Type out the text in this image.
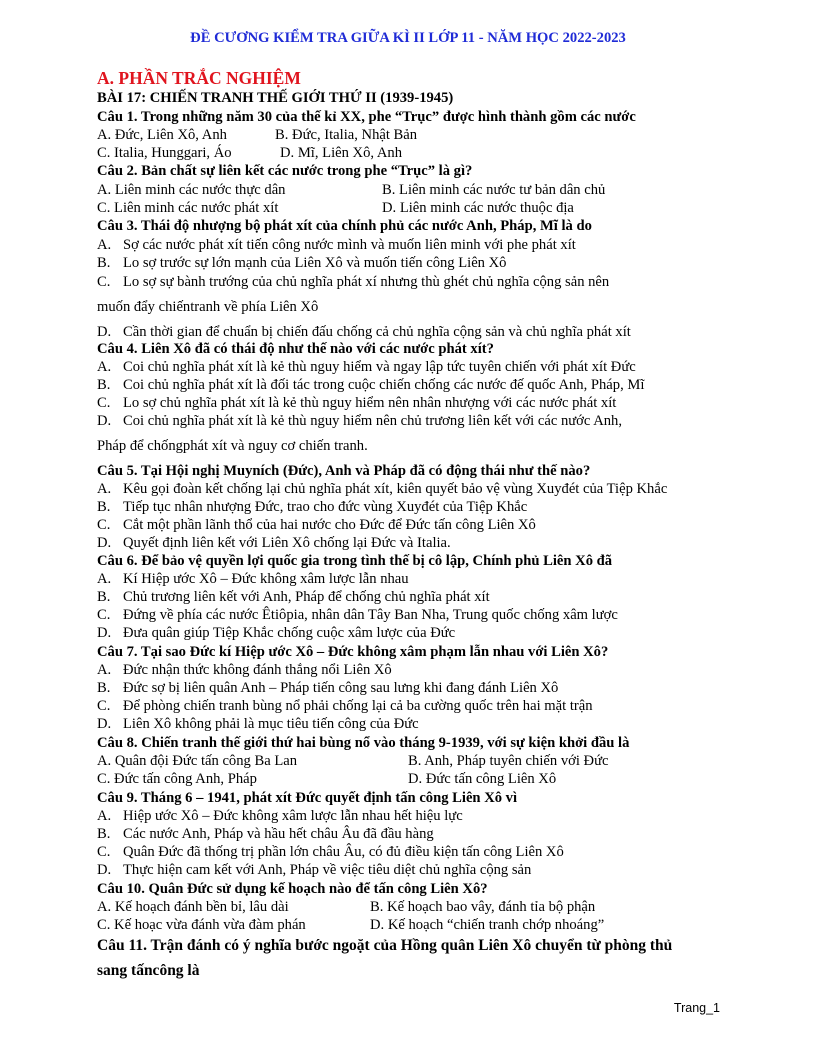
ĐỀ CƯƠNG KIỂM TRA GIỮA KÌ II LỚP 11 - NĂM HỌC 2022-2023
A. PHẦN TRẮC NGHIỆM
BÀI 17: CHIẾN TRANH THẾ GIỚI THỨ II (1939-1945)
Câu 1. Trong những năm 30 của thế kỉ XX, phe “Trục” được hình thành gồm các nước
A. Đức, Liên Xô, Anh	B. Đức, Italia, Nhật Bản
C. Italia, Hunggari, Áo	D. Mĩ, Liên Xô, Anh
Câu 2. Bản chất sự liên kết các nước trong phe “Trục” là gì?
A. Liên minh các nước thực dân	B. Liên minh các nước tư bản dân chủ
C. Liên minh các nước phát xít	D. Liên minh các nước thuộc địa
Câu 3. Thái độ nhượng bộ phát xít của chính phủ các nước Anh, Pháp, Mĩ là do
A. Sợ các nước phát xít tiến công nước mình và muốn liên minh với phe phát xít
B. Lo sợ trước sự lớn mạnh của Liên Xô và muốn tiến công Liên Xô
C. Lo sợ sự bành trướng của chủ nghĩa phát xí nhưng thù ghét chủ nghĩa cộng sản nên
muốn đẩy chiếntranh về phía Liên Xô
D. Cần thời gian để chuẩn bị chiến đấu chống cả chủ nghĩa cộng sản và chủ nghĩa phát xít
Câu 4. Liên Xô đã có thái độ như thế nào với các nước phát xít?
A. Coi chủ nghĩa phát xít là kẻ thù nguy hiểm và ngay lập tức tuyên chiến với phát xít Đức
B. Coi chủ nghĩa phát xít là đối tác trong cuộc chiến chống các nước đế quốc Anh, Pháp, Mĩ
C. Lo sợ chủ nghĩa phát xít là kẻ thù nguy hiểm nên nhân nhượng với các nước phát xít
D. Coi chủ nghĩa phát xít là kẻ thù nguy hiểm nên chủ trương liên kết với các nước Anh,
Pháp để chốngphát xít và nguy cơ chiến tranh.
Câu 5. Tại Hội nghị Muyních (Đức), Anh và Pháp đã có động thái như thế nào?
A. Kêu gọi đoàn kết chống lại chủ nghĩa phát xít, kiên quyết bảo vệ vùng Xuyđét của Tiệp Khắc
B. Tiếp tục nhân nhượng Đức, trao cho đức vùng Xuyđét của Tiệp Khắc
C. Cắt một phần lãnh thổ của hai nước cho Đức để Đức tấn công Liên Xô
D. Quyết định liên kết với Liên Xô chống lại Đức và Italia.
Câu 6. Để bảo vệ quyền lợi quốc gia trong tình thế bị cô lập, Chính phủ Liên Xô đã
A. Kí Hiệp ước Xô – Đức không xâm lược lẫn nhau
B. Chủ trương liên kết với Anh, Pháp để chống chủ nghĩa phát xít
C. Đứng về phía các nước Êtiôpia, nhân dân Tây Ban Nha, Trung quốc chống xâm lược
D. Đưa quân giúp Tiệp Khắc chống cuộc xâm lược của Đức
Câu 7. Tại sao Đức kí Hiệp ước Xô – Đức không xâm phạm lẫn nhau với Liên Xô?
A. Đức nhận thức không đánh thắng nổi Liên Xô
B. Đức sợ bị liên quân Anh – Pháp tiến công sau lưng khi đang đánh Liên Xô
C. Để phòng chiến tranh bùng nổ phải chống lại cả ba cường quốc trên hai mặt trận
D. Liên Xô không phải là mục tiêu tiến công của Đức
Câu 8. Chiến tranh thế giới thứ hai bùng nổ vào tháng 9-1939, với sự kiện khởi đầu là
A. Quân đội Đức tấn công Ba Lan	B. Anh, Pháp tuyên chiến với Đức
C. Đức tấn công Anh, Pháp	D. Đức tấn công Liên Xô
Câu 9. Tháng 6 – 1941, phát xít Đức quyết định tấn công Liên Xô vì
A. Hiệp ước Xô – Đức không xâm lược lẫn nhau hết hiệu lực
B. Các nước Anh, Pháp và hầu hết châu Âu đã đầu hàng
C. Quân Đức đã thống trị phần lớn châu Âu, có đủ điều kiện tấn công Liên Xô
D. Thực hiện cam kết với Anh, Pháp về việc tiêu diệt chủ nghĩa cộng sản
Câu 10. Quân Đức sử dụng kế hoạch nào để tấn công Liên Xô?
A. Kế hoạch đánh bền bỉ, lâu dài	B. Kế hoạch bao vây, đánh tỉa bộ phận
C. Kế hoạc vừa đánh vừa đàm phán	D. Kế hoạch “chiến tranh chớp nhoáng”
Câu 11. Trận đánh có ý nghĩa bước ngoặt của Hồng quân Liên Xô chuyển từ phòng thủ
sang tấncông là
Trang_1
